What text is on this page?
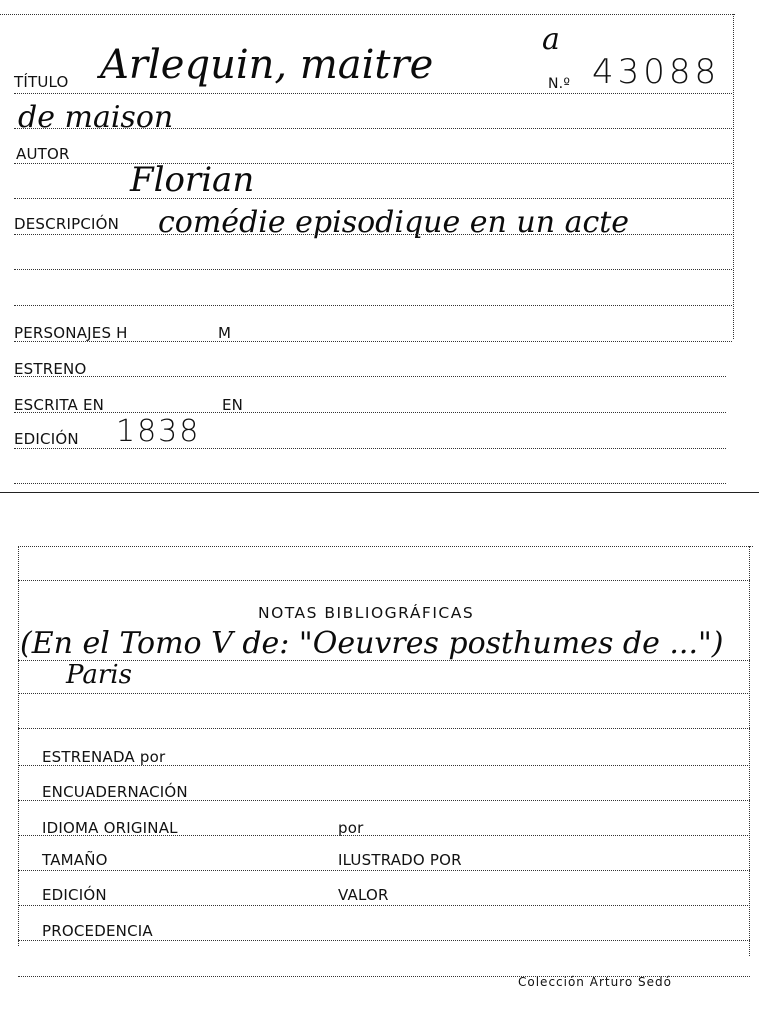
TÍTULO Arlequin, maitre
a
N.º 43088
de maison
AUTOR
Florian
DESCRIPCIÓN comédie episodique en un acte
PERSONAJES H	M
ESTRENO
ESCRITA EN	EN
EDICIÓN 1838
NOTAS BIBLIOGRÁFICAS
(En el Tomo V de: "Oeuvres posthumes de ...")
Paris
ESTRENADA por
ENCUADERNACIÓN
IDIOMA ORIGINAL	por
TAMAÑO	ILUSTRADO POR
EDICIÓN	VALOR
PROCEDENCIA
Colección Arturo Sedó
